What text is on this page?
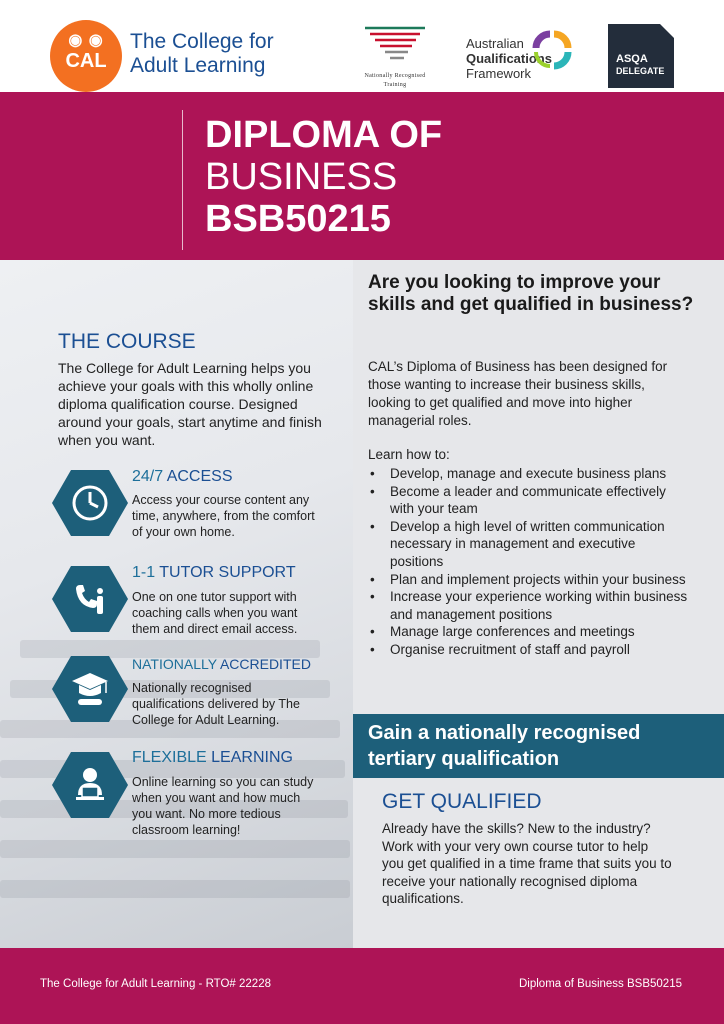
◉ ◉
CAL
The College for
Adult Learning	Nationally Recognised
Training
Australian
Qualifications
Framework
ASQA
DELEGATE
DIPLOMA OF
BUSINESS
BSB50215
THE COURSE
The College for Adult Learning helps you achieve your goals with this wholly online diploma qualification course. Designed around your goals, start anytime and finish when you want.
24/7 ACCESS
Access your course content any time, anywhere, from the comfort of your own home.
1-1 TUTOR SUPPORT
One on one tutor support with coaching calls when you want them and direct email access.
NATIONALLY ACCREDITED
Nationally recognised qualifications delivered by The College for Adult Learning.
FLEXIBLE LEARNING
Online learning so you can study when you want and how much you want. No more tedious classroom learning!
Are you looking to improve your skills and get qualified in business?
CAL’s Diploma of Business has been designed for those wanting to increase their business skills, looking to get qualified and move into higher managerial roles.
Learn how to:
• Develop, manage and execute business plans
• Become a leader and communicate effectively with your team
• Develop a high level of written communication necessary in management and executive positions
• Plan and implement projects within your business
• Increase your experience working within business and management positions
• Manage large conferences and meetings
• Organise recruitment of staff and payroll
Gain a nationally recognised tertiary qualification
GET QUALIFIED
Already have the skills? New to the industry? Work with your very own course tutor to help you get qualified in a time frame that suits you to receive your nationally recognised diploma qualifications.
The College for Adult Learning - RTO# 22228	Diploma of Business BSB50215
